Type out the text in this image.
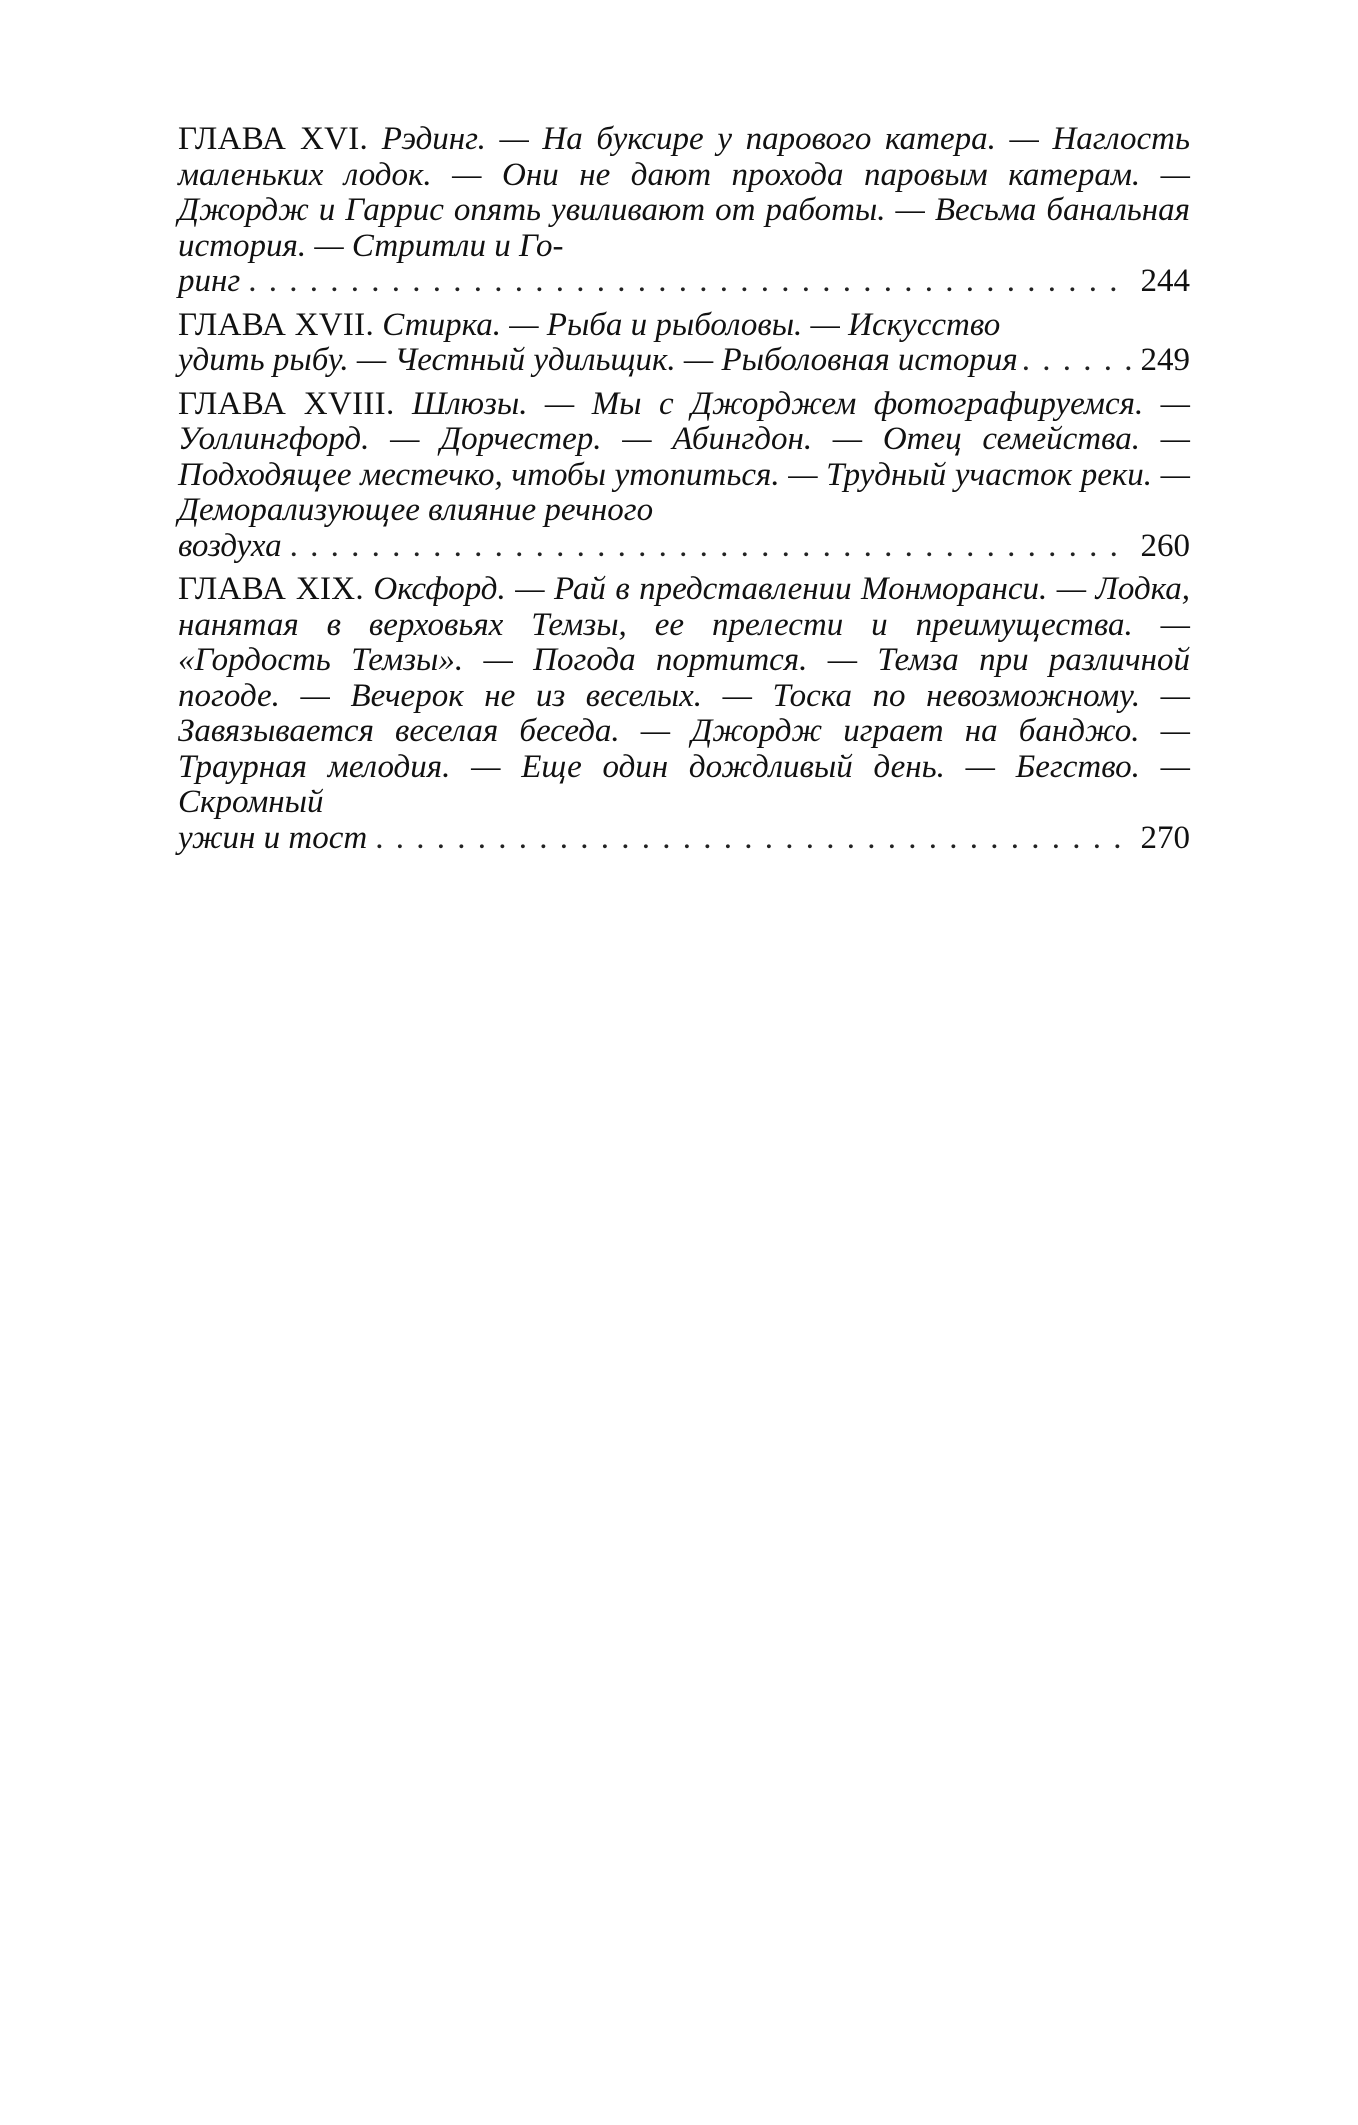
ГЛАВА XVI. Рэдинг. — На буксире у парового катера. — Наглость маленьких лодок. — Они не дают прохода паровым катерам. — Джордж и Гаррис опять увиливают от работы. — Весьма банальная история. — Стритли и Го-
ринг . . .	244
ГЛАВА XVII. Стирка. — Рыба и рыболовы. — Искусство
удить рыбу. — Честный удильщик. — Рыболовная история . . .	249
ГЛАВА XVIII. Шлюзы. — Мы с Джорджем фотографируемся. — Уоллингфорд. — Дорчестер. — Абингдон. — Отец семейства. — Подходящее местечко, чтобы утопиться. — Трудный участок реки. — Деморализующее влияние речного
воздуха . . .	260
ГЛАВА XIX. Оксфорд. — Рай в представлении Монморанси. — Лодка, нанятая в верховьях Темзы, ее прелести и преимущества. — «Гордость Темзы». — Погода портится. — Темза при различной погоде. — Вечерок не из веселых. — Тоска по невозможному. — Завязывается веселая беседа. — Джордж играет на банджо. — Траурная мелодия. — Еще один дождливый день. — Бегство. — Скромный
ужин и тост . . .	270
